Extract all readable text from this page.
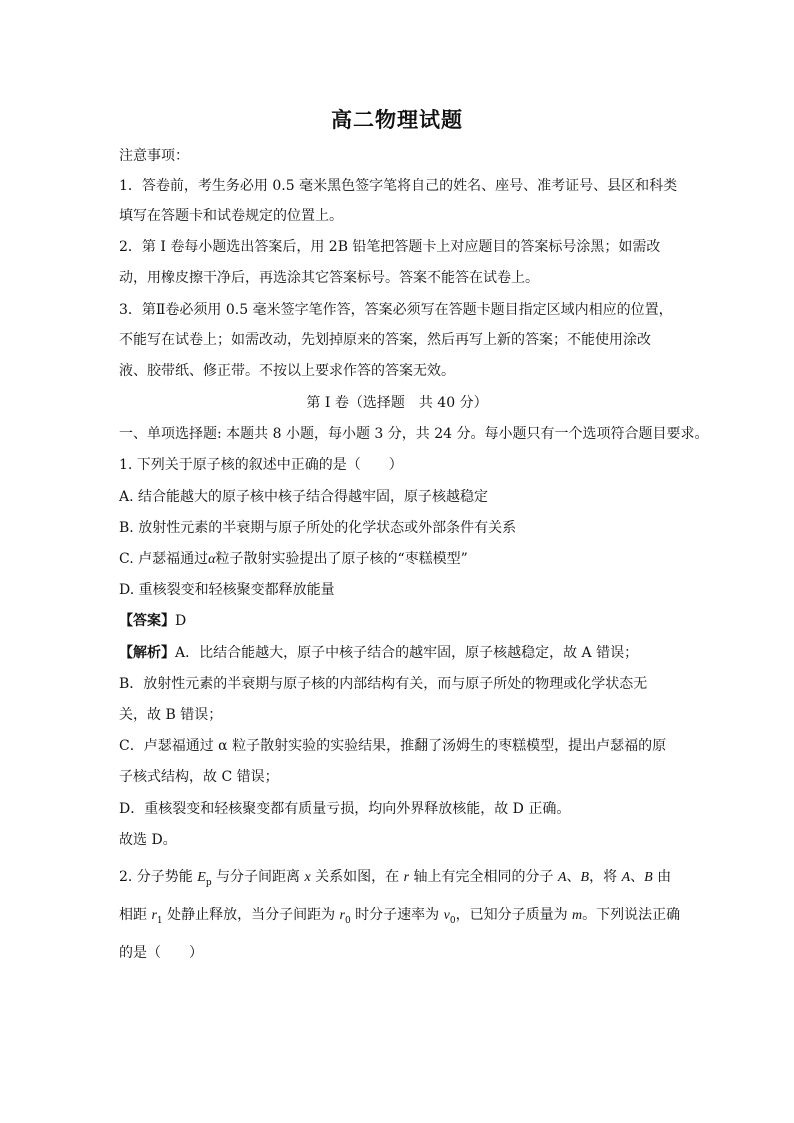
高二物理试题
注意事项：
1．答卷前，考生务必用 0.5 毫米黑色签字笔将自己的姓名、座号、准考证号、县区和科类
填写在答题卡和试卷规定的位置上。
2．第 I 卷每小题选出答案后，用 2B 铅笔把答题卡上对应题目的答案标号涂黑；如需改
动，用橡皮擦干净后，再选涂其它答案标号。答案不能答在试卷上。
3．第Ⅱ卷必须用 0.5 毫米签字笔作答，答案必须写在答题卡题目指定区域内相应的位置，
不能写在试卷上；如需改动，先划掉原来的答案，然后再写上新的答案；不能使用涂改
液、胶带纸、修正带。不按以上要求作答的答案无效。
第 I 卷（选择题　共 40 分）
一、单项选择题: 本题共 8 小题，每小题 3 分，共 24 分。每小题只有一个选项符合题目要求。
1. 下列关于原子核的叙述中正确的是（　　）
A. 结合能越大的原子核中核子结合得越牢固，原子核越稳定
B. 放射性元素的半衰期与原子所处的化学状态或外部条件有关系
C. 卢瑟福通过α粒子散射实验提出了原子核的“枣糕模型”
D. 重核裂变和轻核聚变都释放能量
【答案】D
【解析】A．比结合能越大，原子中核子结合的越牢固，原子核越稳定，故 A 错误；
B．放射性元素的半衰期与原子核的内部结构有关，而与原子所处的物理或化学状态无
关，故 B 错误；
C．卢瑟福通过 α 粒子散射实验的实验结果，推翻了汤姆生的枣糕模型，提出卢瑟福的原
子核式结构，故 C 错误；
D．重核裂变和轻核聚变都有质量亏损，均向外界释放核能，故 D 正确。
故选 D。
2. 分子势能 $E_p$ 与分子间距离 x 关系如图，在 r 轴上有完全相同的分子 A、B，将 A、B 由
相距 $r_1$ 处静止释放，当分子间距为 $r_0$ 时分子速率为 $v_0$，已知分子质量为 m。下列说法正确
的是（　　）
